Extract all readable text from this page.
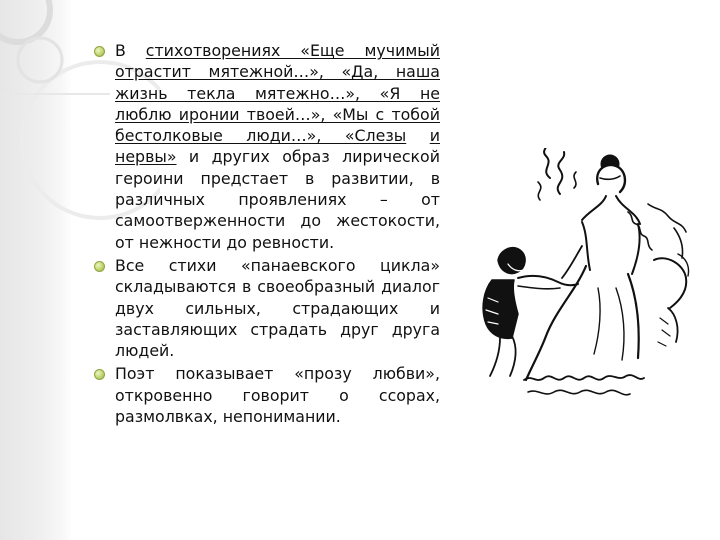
В стихотворениях «Еще мучимый отрастит мятежной…», «Да, наша жизнь текла мятежно…», «Я не люблю иронии твоей…», «Мы с тобой бестолковые люди…», «Слезы и нервы» и других образ лирической героини предстает в развитии, в различных проявлениях – от самоотверженности до жестокости, от нежности до ревности.
Все стихи «панаевского цикла» складываются в своеобразный диалог двух сильных, страдающих и заставляющих страдать друг друга людей.
Поэт показывает «прозу любви», откровенно говорит о ссорах, размолвках, непонимании.
